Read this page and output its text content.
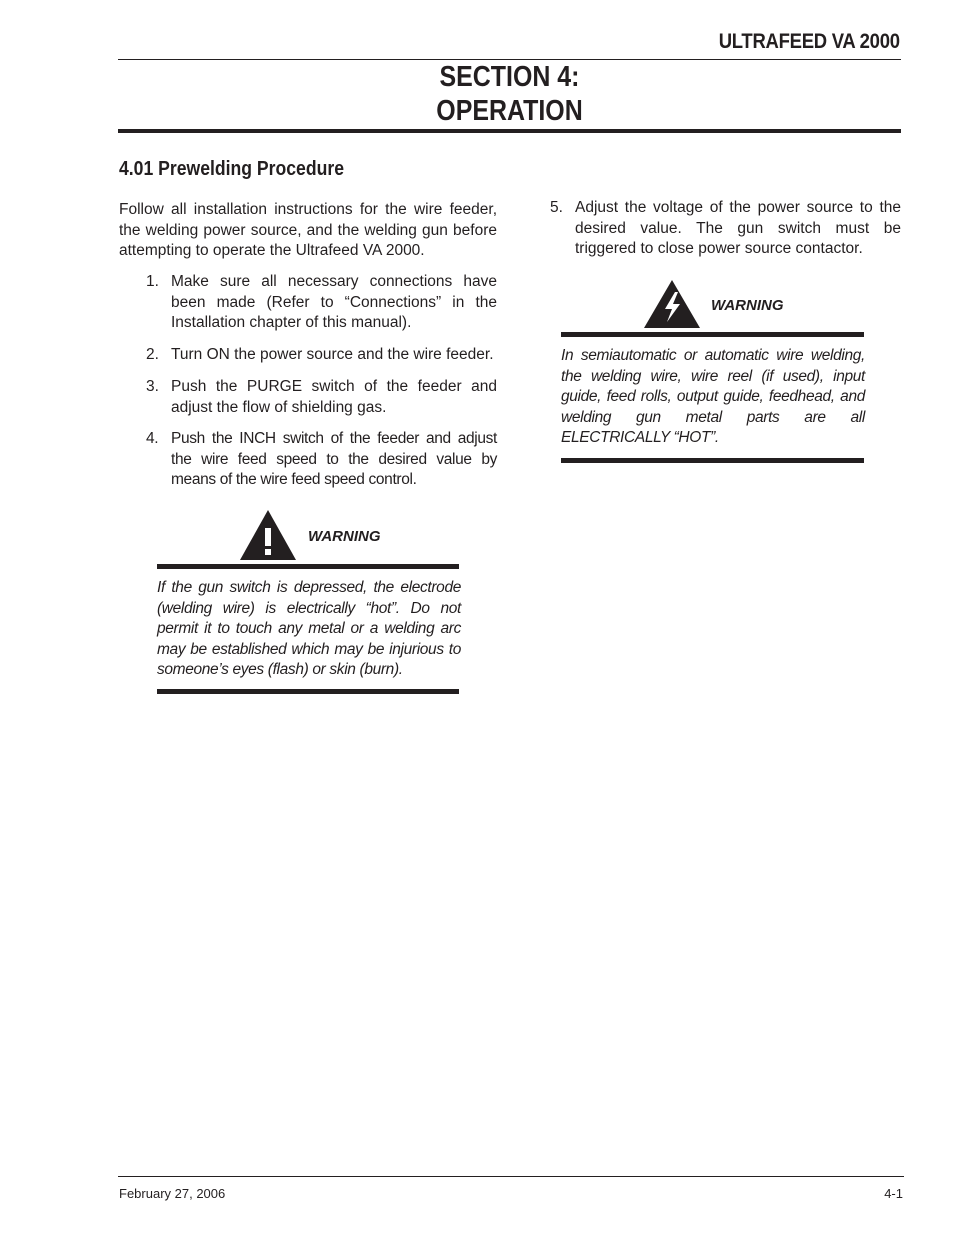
ULTRAFEED VA 2000
SECTION 4:
OPERATION
4.01 Prewelding Procedure
Follow all installation instructions for the wire feeder, the welding power source, and the welding gun before attempting to operate the Ultrafeed VA 2000.
1. Make sure all necessary connections have been made (Refer to “Connections” in the Installation chapter of this manual).
2. Turn ON the power source and the wire feeder.
3. Push the PURGE switch of the feeder and adjust the flow of shielding gas.
4. Push the INCH switch of the feeder and adjust the wire feed speed to the desired value by means of the wire feed speed control.
WARNING
If the gun switch is depressed, the electrode (welding wire) is electrically “hot”. Do not permit it to touch any metal or a welding arc may be established which may be injurious to someone’s eyes (flash) or skin (burn).
5. Adjust the voltage of the power source to the desired value. The gun switch must be triggered to close power source contactor.
WARNING
In semiautomatic or automatic wire welding, the welding wire, wire reel (if used), input guide, feed rolls, output guide, feedhead, and welding gun metal parts are all ELECTRICALLY “HOT”.
February 27, 2006	4-1
